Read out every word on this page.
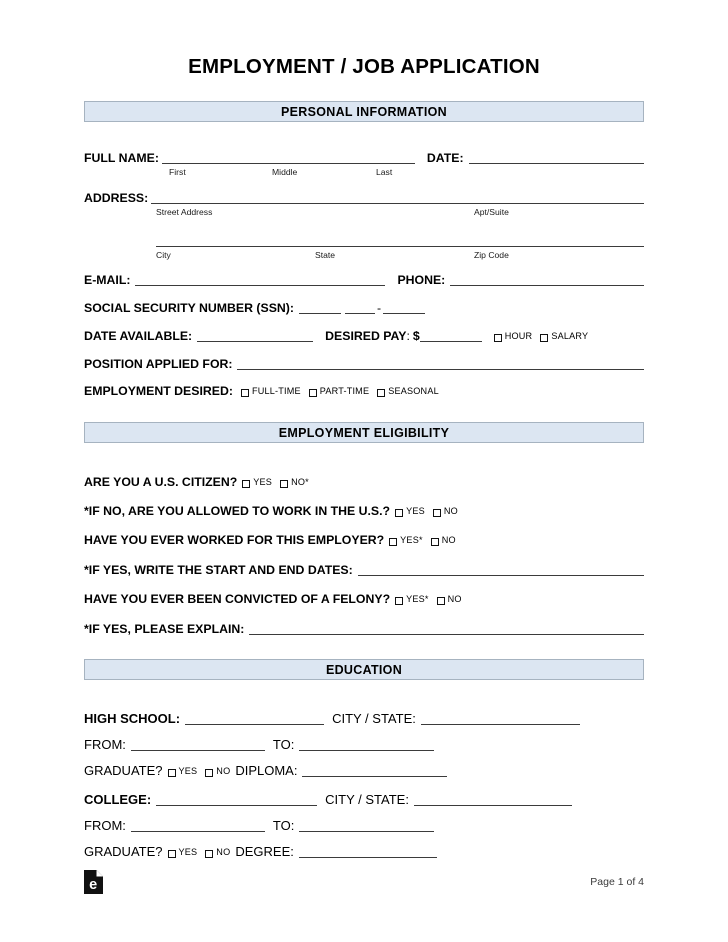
EMPLOYMENT / JOB APPLICATION
PERSONAL INFORMATION
FULL NAME:	DATE:
First	Middle	Last
ADDRESS:
Street Address	Apt/Suite
City	State	Zip Code
E-MAIL:	PHONE:
SOCIAL SECURITY NUMBER (SSN):	-
DATE AVAILABLE:	DESIRED PAY : $	HOUR SALARY
POSITION APPLIED FOR:
EMPLOYMENT DESIRED: FULL-TIME PART-TIME SEASONAL
EMPLOYMENT ELIGIBILITY
ARE YOU A U.S. CITIZEN? YES NO*
*IF NO, ARE YOU ALLOWED TO WORK IN THE U.S.? YES NO
HAVE YOU EVER WORKED FOR THIS EMPLOYER? YES* NO
*IF YES, WRITE THE START AND END DATES:
HAVE YOU EVER BEEN CONVICTED OF A FELONY? YES* NO
*IF YES, PLEASE EXPLAIN:
EDUCATION
HIGH SCHOOL:	CITY / STATE:
FROM:	TO:
GRADUATE? YES NO DIPLOMA:
COLLEGE:	CITY / STATE:
FROM:	TO:
GRADUATE? YES NO DEGREE:
e	Page 1 of 4
